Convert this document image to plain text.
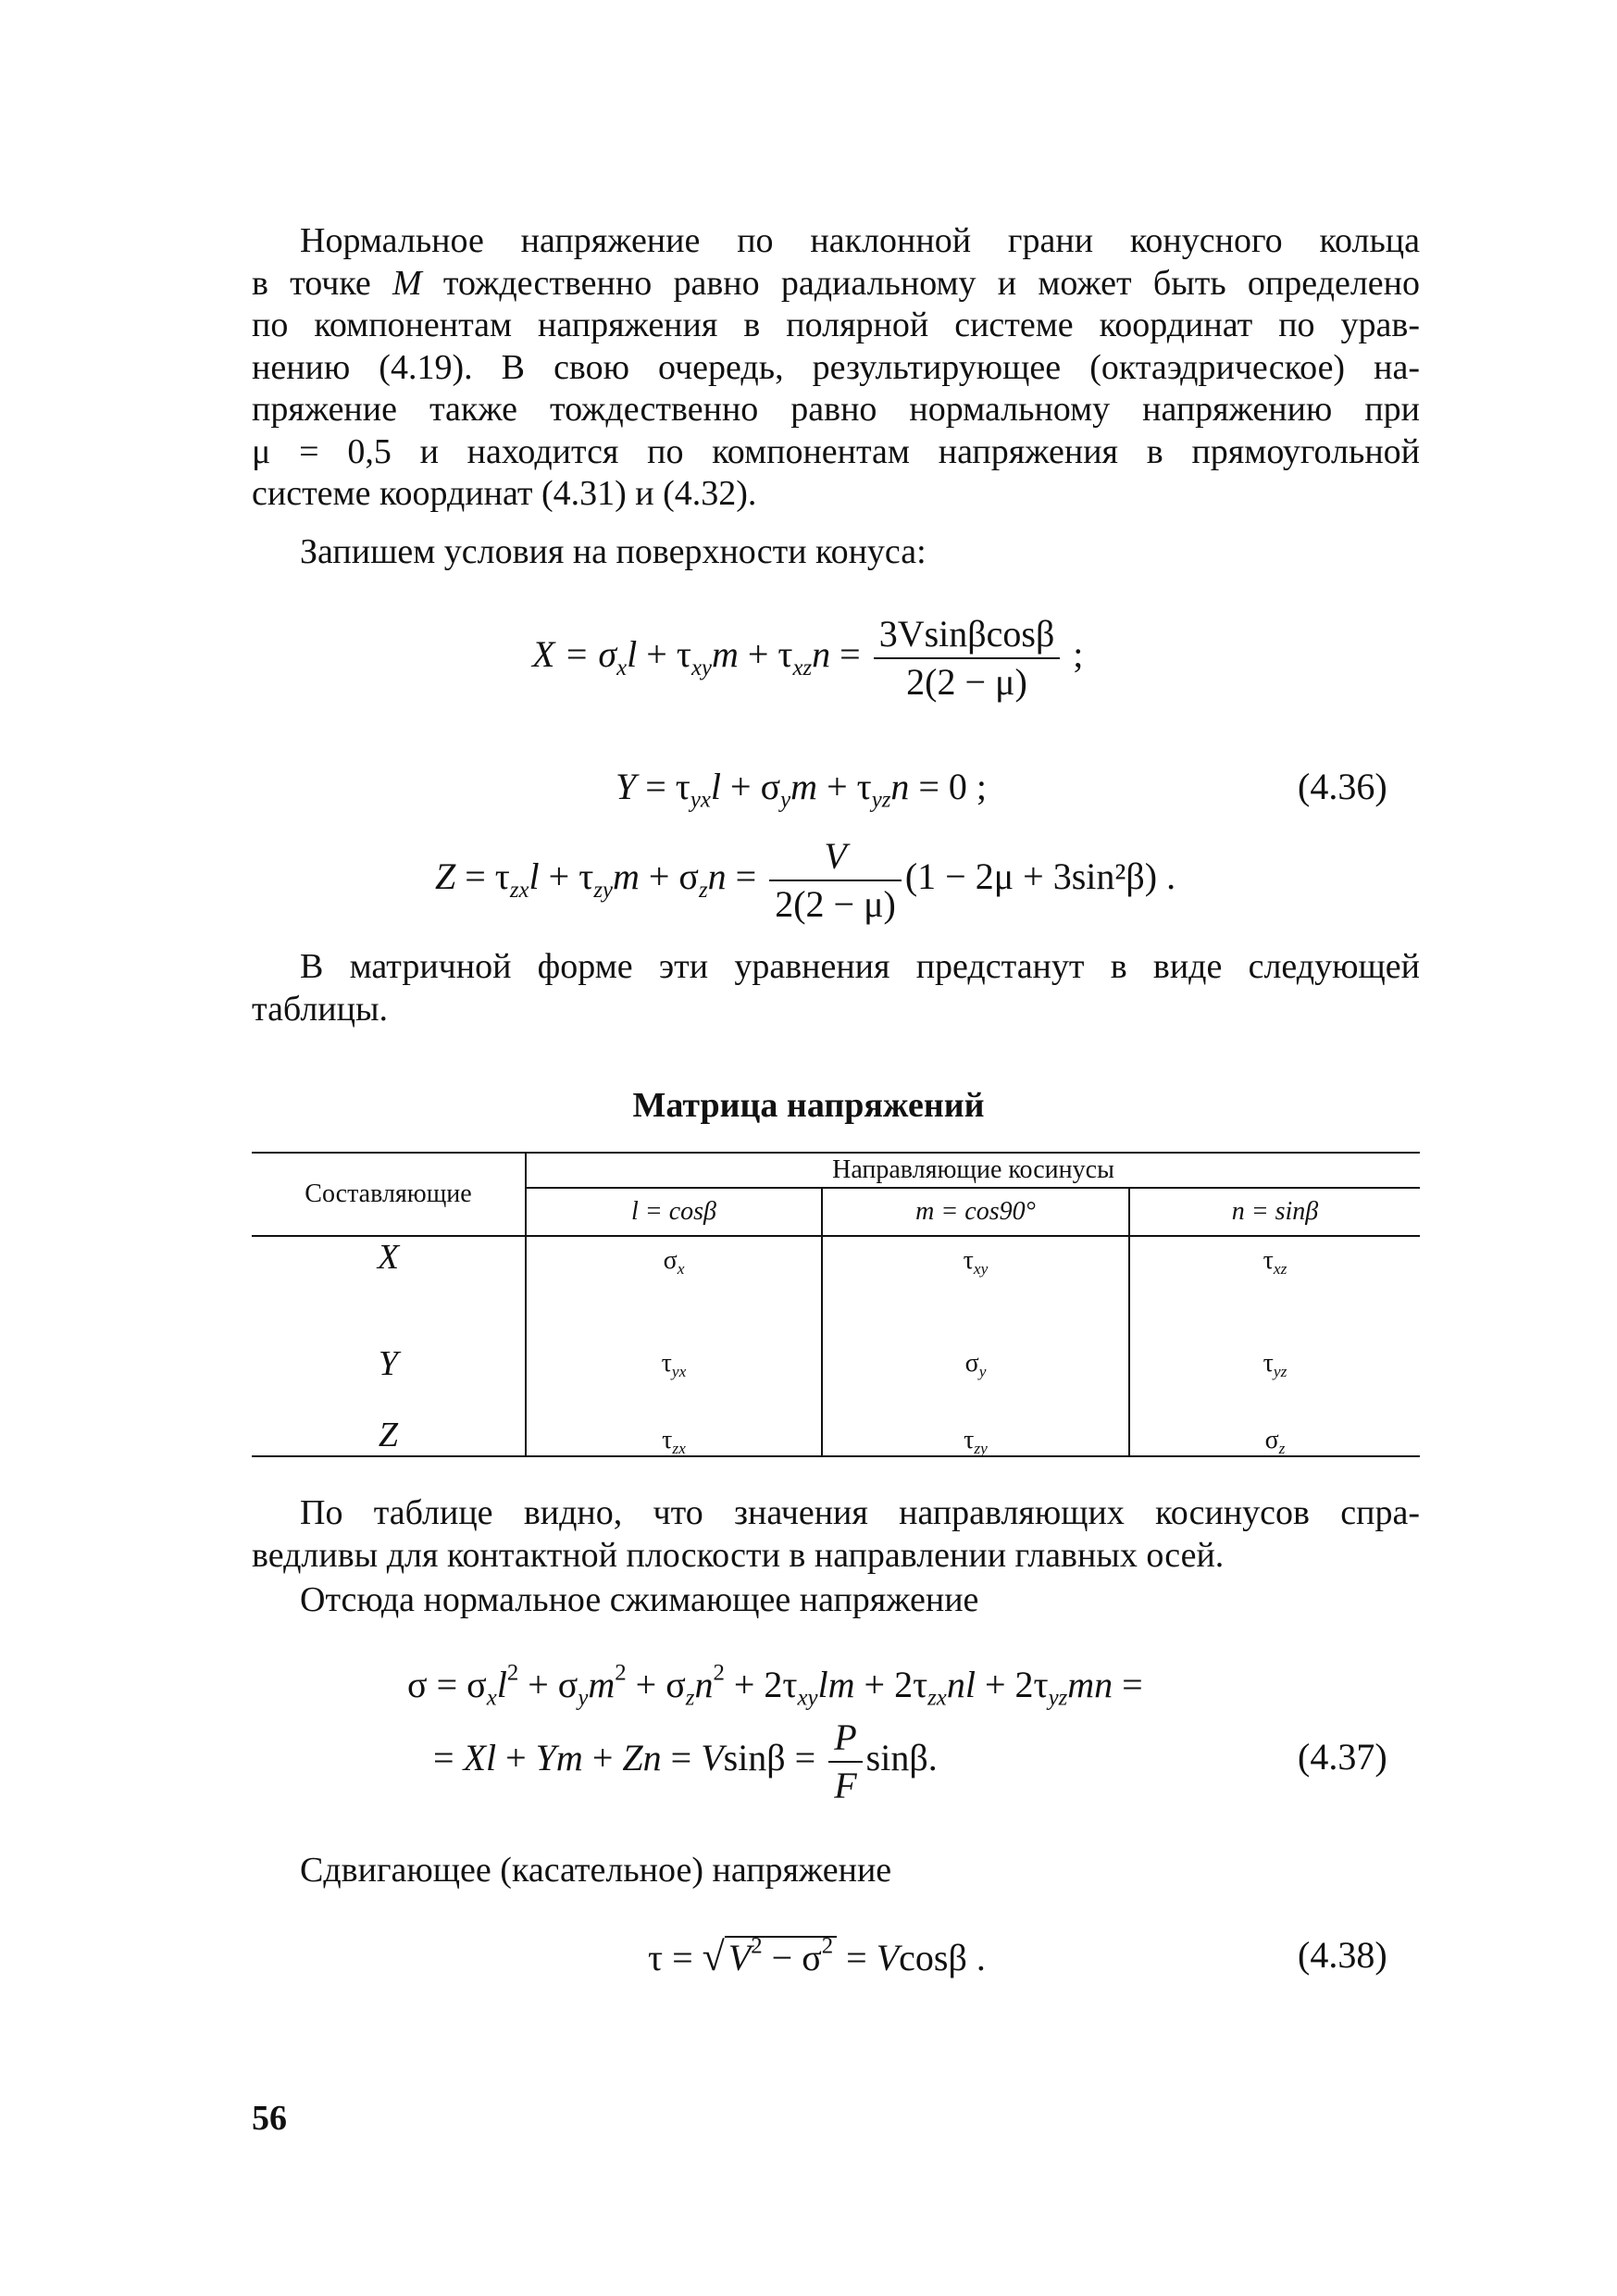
Нормальное напряжение по наклонной грани конусного кольца
в точке M тождественно равно радиальному и может быть определено
по компонентам напряжения в полярной системе координат по урав-
нению (4.19). В свою очередь, результирующее (октаэдрическое) на-
пряжение также тождественно равно нормальному напряжению при
μ = 0,5 и находится по компонентам напряжения в прямоугольной
системе координат (4.31) и (4.32).
Запишем условия на поверхности конуса:
$X = \sigma_xl + \tau_{xy}m + \tau_{xz}n = \frac{3Vsin\beta\cos\beta}{2(2 - \mu)}$ ;
$Y = \tau_{yx}l + \sigma_ym + \tau_{yz}n = 0$ ;	(4.36)
$Z = \tau_{zx}l + \tau_{zy}m + \sigma_zn = \frac{V}{2(2 - \mu)} (1 - 2\mu + 3\sin^2\beta)$ .
В матричной форме эти уравнения предстанут в виде следующей
таблицы.
Матрица напряжений
Составляющие	Направляющие косинусы		
	l = cosβ	m = cos90°	n = sinβ
X	$\sigma_x$	$\tau_{xy}$	$\tau_{xz}$
Y	$\tau_{yx}$	$\sigma_y$	$\tau_{yz}$
Z	$\tau_{zx}$	$\tau_{zy}$	$\sigma_z$
По таблице видно, что значения направляющих косинусов спра-
ведливы для контактной плоскости в направлении главных осей.
Отсюда нормальное сжимающее напряжение
$\sigma = \sigma_xl^2 + \sigma_ym^2 + \sigma_zn^2 + 2\tau_{xy}lm + 2\tau_{zx}nl + 2\tau_{yz}mn$ =
= $Xl + Ym + Zn = Vsin\beta = \frac{P}{F} \sin\beta$.	(4.37)
Сдвигающее (касательное) напряжение
τ = √ $V^2 - \sigma^2 = Vcos\beta$ .	(4.38)
56
